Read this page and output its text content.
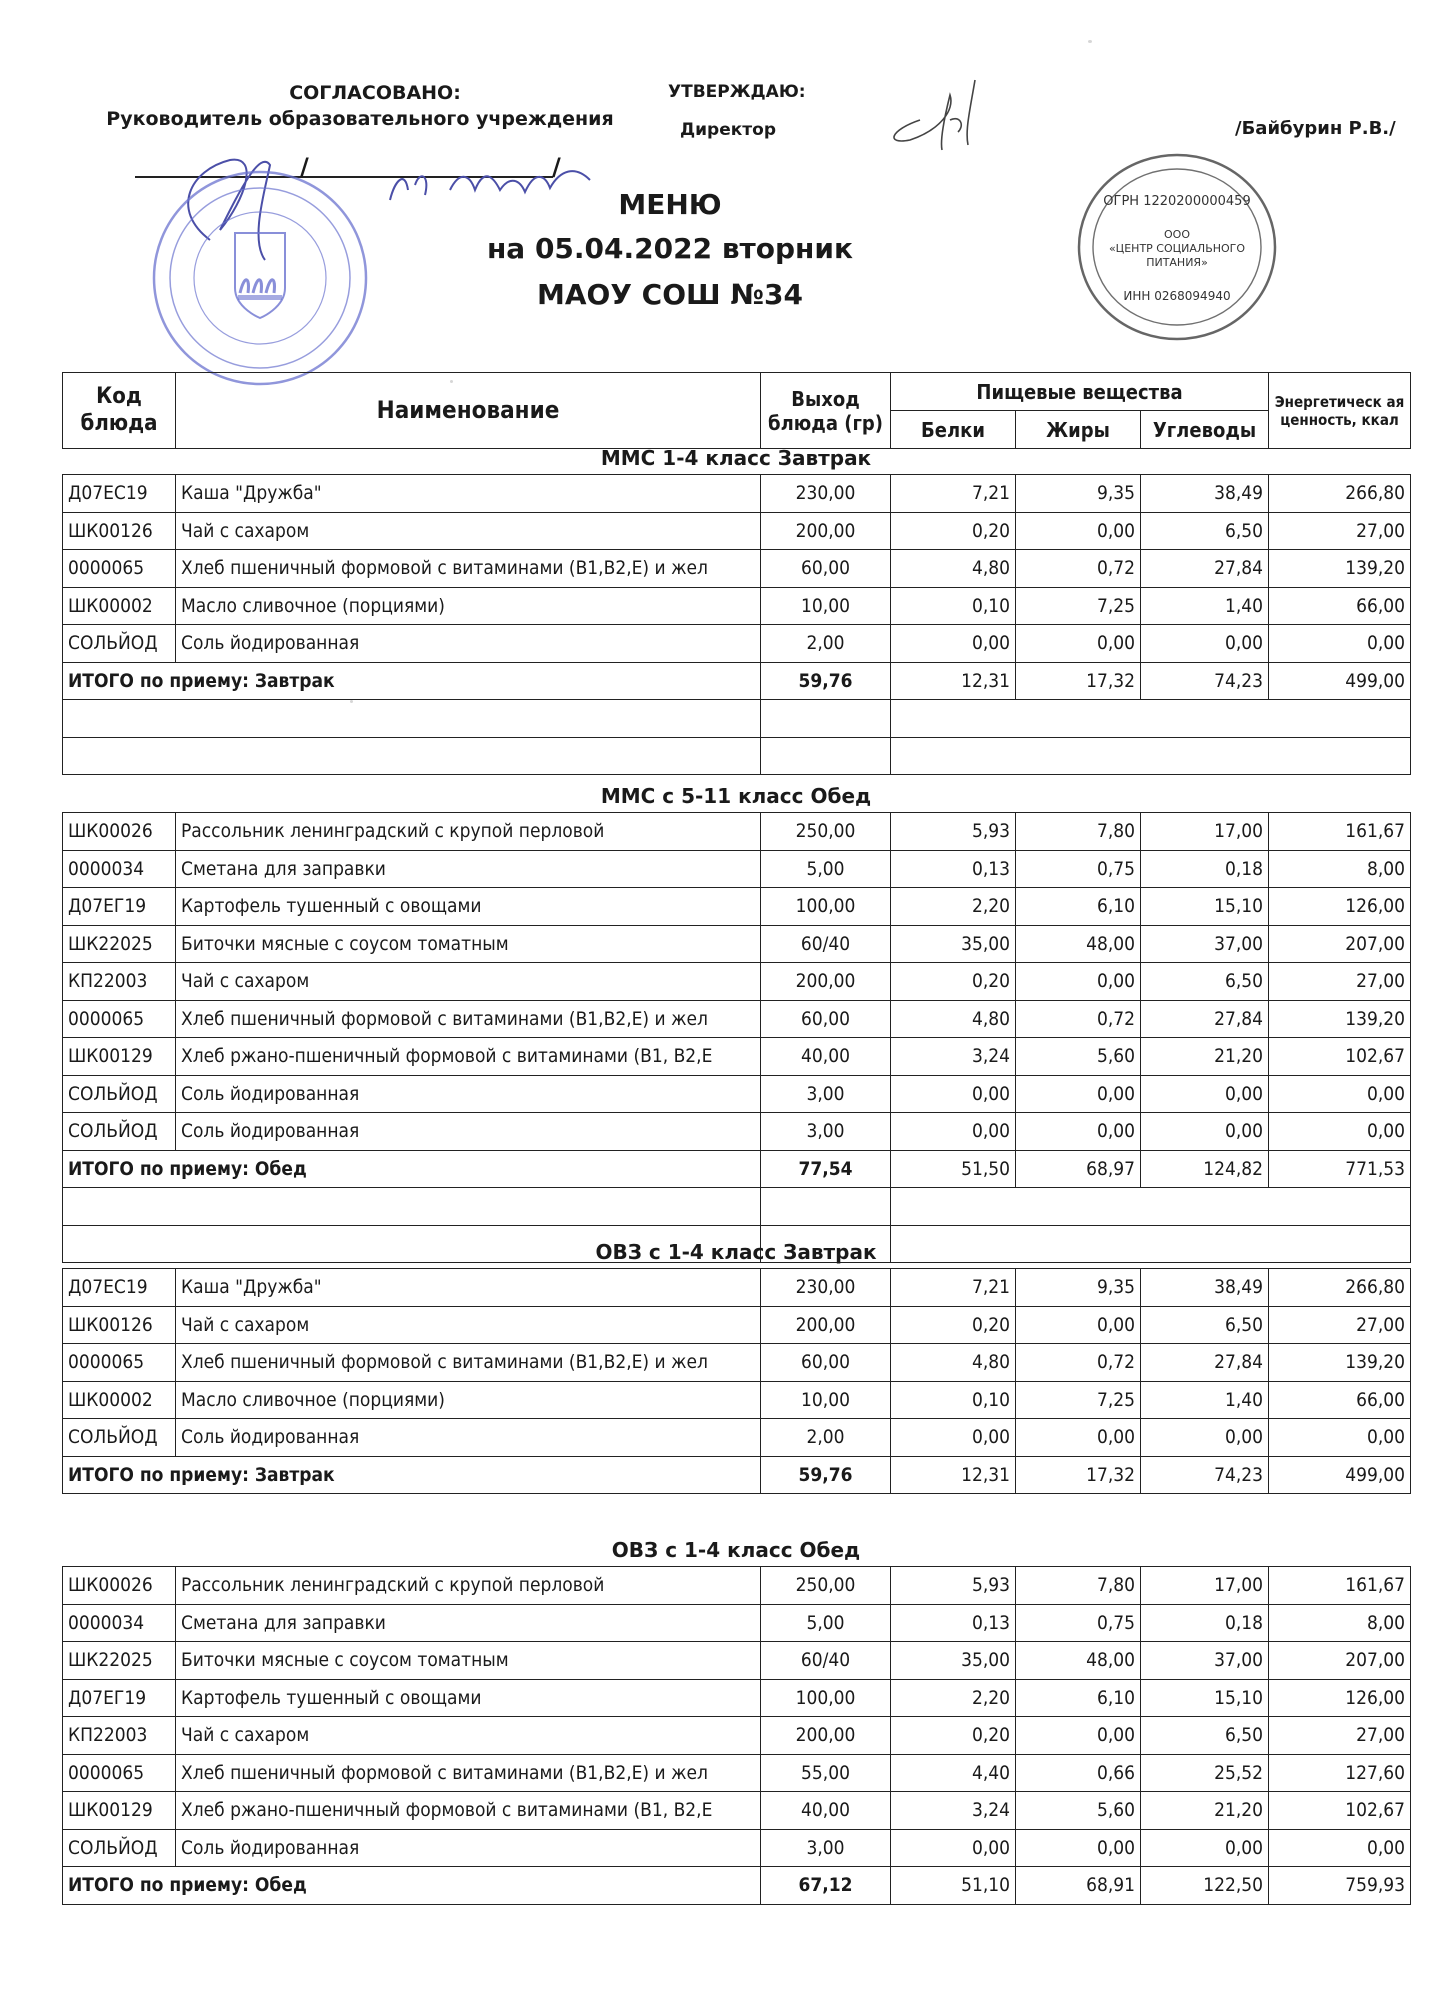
СОГЛАСОВАНО:
Руководитель образовательного учреждения
/	/
УТВЕРЖДАЮ:
Директор	/Байбурин Р.В./
ООО
«ЦЕНТР СОЦИАЛЬНОГО
ПИТАНИЯ»
ОГРН 1220200000459
ИНН 0268094940
МЕНЮ
на 05.04.2022 вторник
МАОУ СОШ №34
Код блюда	Наименование	Выход блюда (гр)	Пищевые вещества			Энергетическ ая ценность, ккал
			Белки	Жиры	Углеводы	
ММС 1-4 класс Завтрак
Д07ЕС19	Каша "Дружба"	230,00	7,21	9,35	38,49	266,80
ШК00126	Чай с сахаром	200,00	0,20	0,00	6,50	27,00
0000065	Хлеб пшеничный формовой с витаминами (В1,В2,Е) и жел	60,00	4,80	0,72	27,84	139,20
ШК00002	Масло сливочное (порциями)	10,00	0,10	7,25	1,40	66,00
СОЛЬЙОД	Соль йодированная	2,00	0,00	0,00	0,00	0,00
ИТОГО по приему: Завтрак		59,76	12,31	17,32	74,23	499,00

ММС с 5-11 класс Обед
ШК00026	Рассольник ленинградский с крупой перловой	250,00	5,93	7,80	17,00	161,67
0000034	Сметана для заправки	5,00	0,13	0,75	0,18	8,00
Д07ЕГ19	Картофель тушенный с овощами	100,00	2,20	6,10	15,10	126,00
ШК22025	Биточки мясные с соусом томатным	60/40	35,00	48,00	37,00	207,00
КП22003	Чай с сахаром	200,00	0,20	0,00	6,50	27,00
0000065	Хлеб пшеничный формовой с витаминами (В1,В2,Е) и жел	60,00	4,80	0,72	27,84	139,20
ШК00129	Хлеб ржано-пшеничный формовой с витаминами (В1, В2,Е	40,00	3,24	5,60	21,20	102,67
СОЛЬЙОД	Соль йодированная	3,00	0,00	0,00	0,00	0,00
СОЛЬЙОД	Соль йодированная	3,00	0,00	0,00	0,00	0,00
ИТОГО по приему: Обед		77,54	51,50	68,97	124,82	771,53

ОВЗ с 1-4 класс Завтрак
Д07ЕС19	Каша "Дружба"	230,00	7,21	9,35	38,49	266,80
ШК00126	Чай с сахаром	200,00	0,20	0,00	6,50	27,00
0000065	Хлеб пшеничный формовой с витаминами (В1,В2,Е) и жел	60,00	4,80	0,72	27,84	139,20
ШК00002	Масло сливочное (порциями)	10,00	0,10	7,25	1,40	66,00
СОЛЬЙОД	Соль йодированная	2,00	0,00	0,00	0,00	0,00
ИТОГО по приему: Завтрак		59,76	12,31	17,32	74,23	499,00
ОВЗ с 1-4 класс Обед
ШК00026	Рассольник ленинградский с крупой перловой	250,00	5,93	7,80	17,00	161,67
0000034	Сметана для заправки	5,00	0,13	0,75	0,18	8,00
ШК22025	Биточки мясные с соусом томатным	60/40	35,00	48,00	37,00	207,00
Д07ЕГ19	Картофель тушенный с овощами	100,00	2,20	6,10	15,10	126,00
КП22003	Чай с сахаром	200,00	0,20	0,00	6,50	27,00
0000065	Хлеб пшеничный формовой с витаминами (В1,В2,Е) и жел	55,00	4,40	0,66	25,52	127,60
ШК00129	Хлеб ржано-пшеничный формовой с витаминами (В1, В2,Е	40,00	3,24	5,60	21,20	102,67
СОЛЬЙОД	Соль йодированная	3,00	0,00	0,00	0,00	0,00
ИТОГО по приему: Обед		67,12	51,10	68,91	122,50	759,93
